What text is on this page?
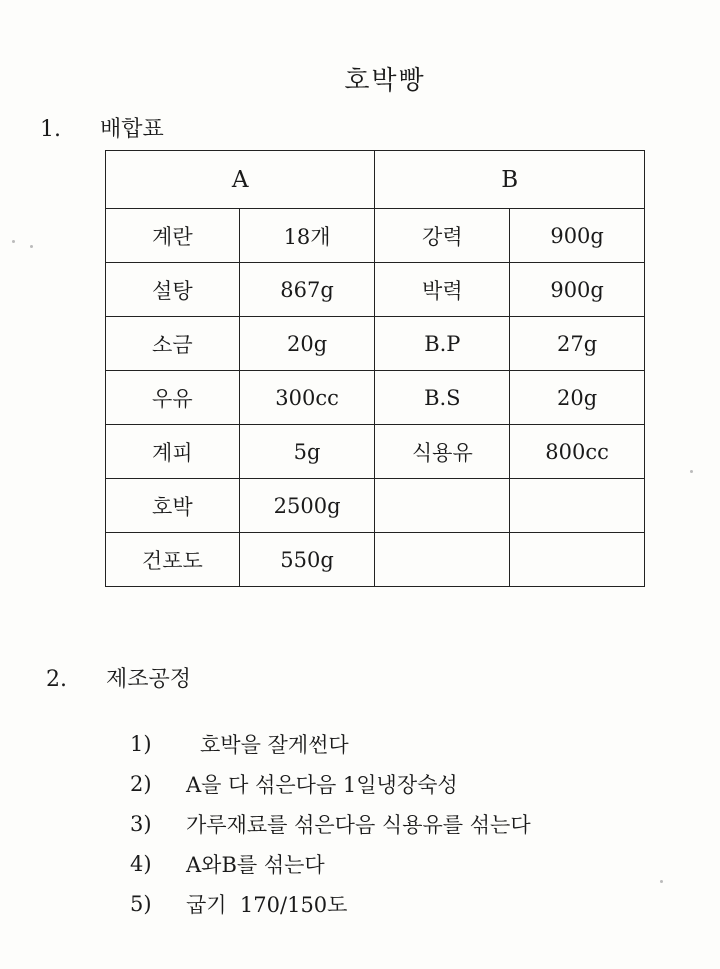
호박빵
1.	배합표
A		B	
계란	18개	강력	900g
설탕	867g	박력	900g
소금	20g	B.P	27g
우유	300cc	B.S	20g
계피	5g	식용유	800cc
호박	2500g		
건포도	550g		
2.	제조공정
1)	호박을 잘게썬다
2)	A을 다 섞은다음 1일냉장숙성
3)	가루재료를 섞은다음 식용유를 섞는다
4)	A와B를 섞는다
5)	굽기  170/150도
